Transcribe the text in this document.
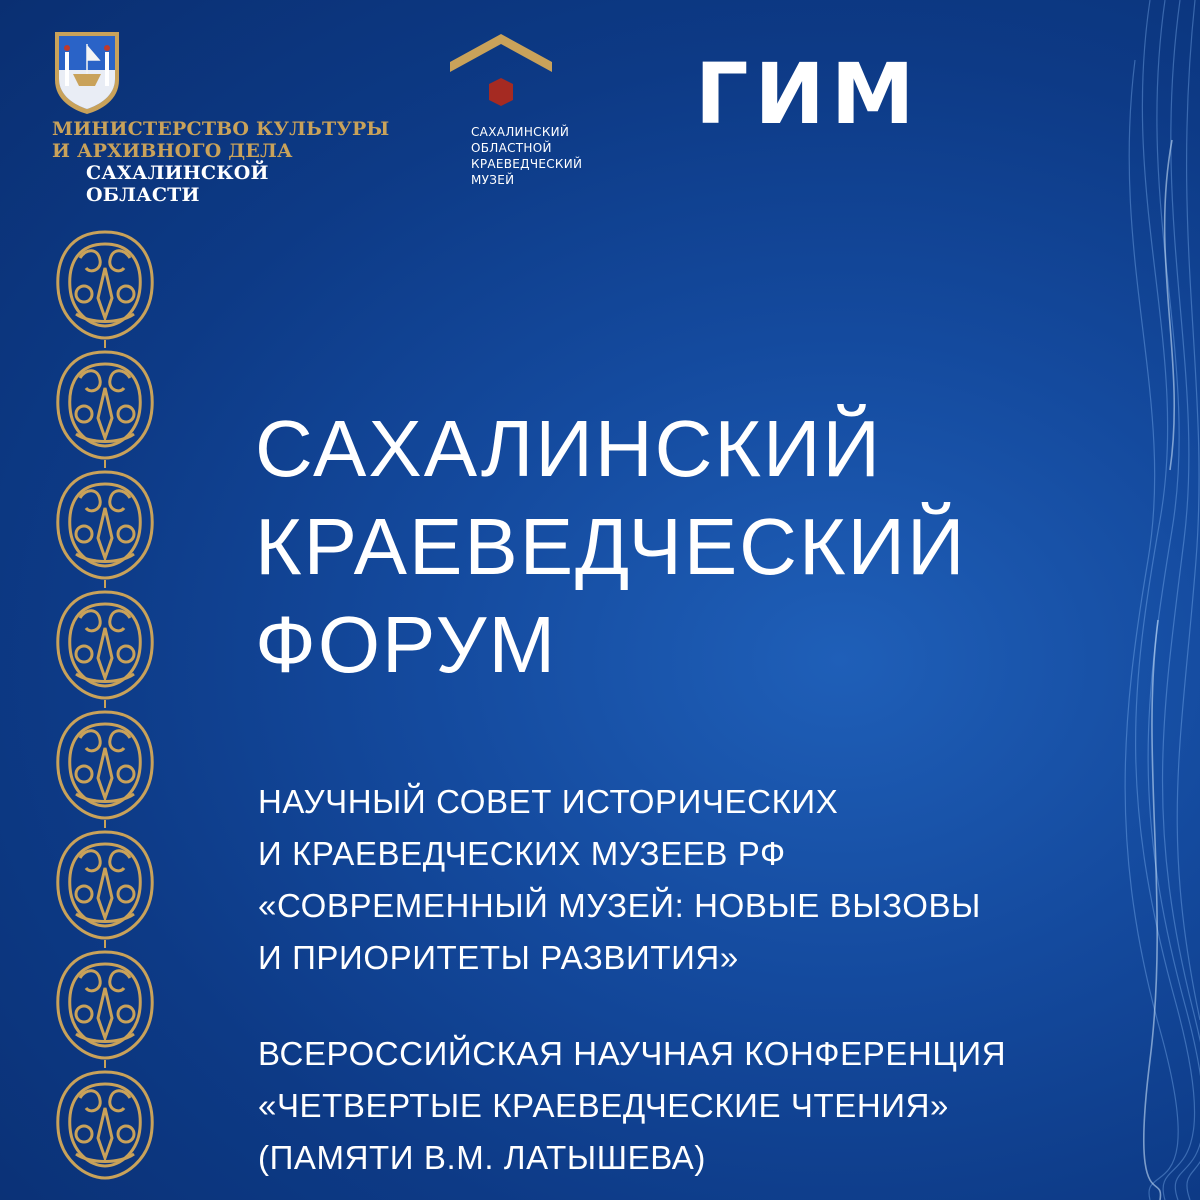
МИНИСТЕРСТВО КУЛЬТУРЫ
И АРХИВНОГО ДЕЛА
САХАЛИНСКОЙ
ОБЛАСТИ
САХАЛИНСКИЙ
ОБЛАСТНОЙ
КРАЕВЕДЧЕСКИЙ
МУЗЕЙ
ГИМ
САХАЛИНСКИЙ
КРАЕВЕДЧЕСКИЙ
ФОРУМ
НАУЧНЫЙ СОВЕТ ИСТОРИЧЕСКИХ
И КРАЕВЕДЧЕСКИХ МУЗЕЕВ РФ
«СОВРЕМЕННЫЙ МУЗЕЙ: НОВЫЕ ВЫЗОВЫ
И ПРИОРИТЕТЫ РАЗВИТИЯ»
ВСЕРОССИЙСКАЯ НАУЧНАЯ КОНФЕРЕНЦИЯ
«ЧЕТВЕРТЫЕ КРАЕВЕДЧЕСКИЕ ЧТЕНИЯ»
(ПАМЯТИ В.М. ЛАТЫШЕВА)
